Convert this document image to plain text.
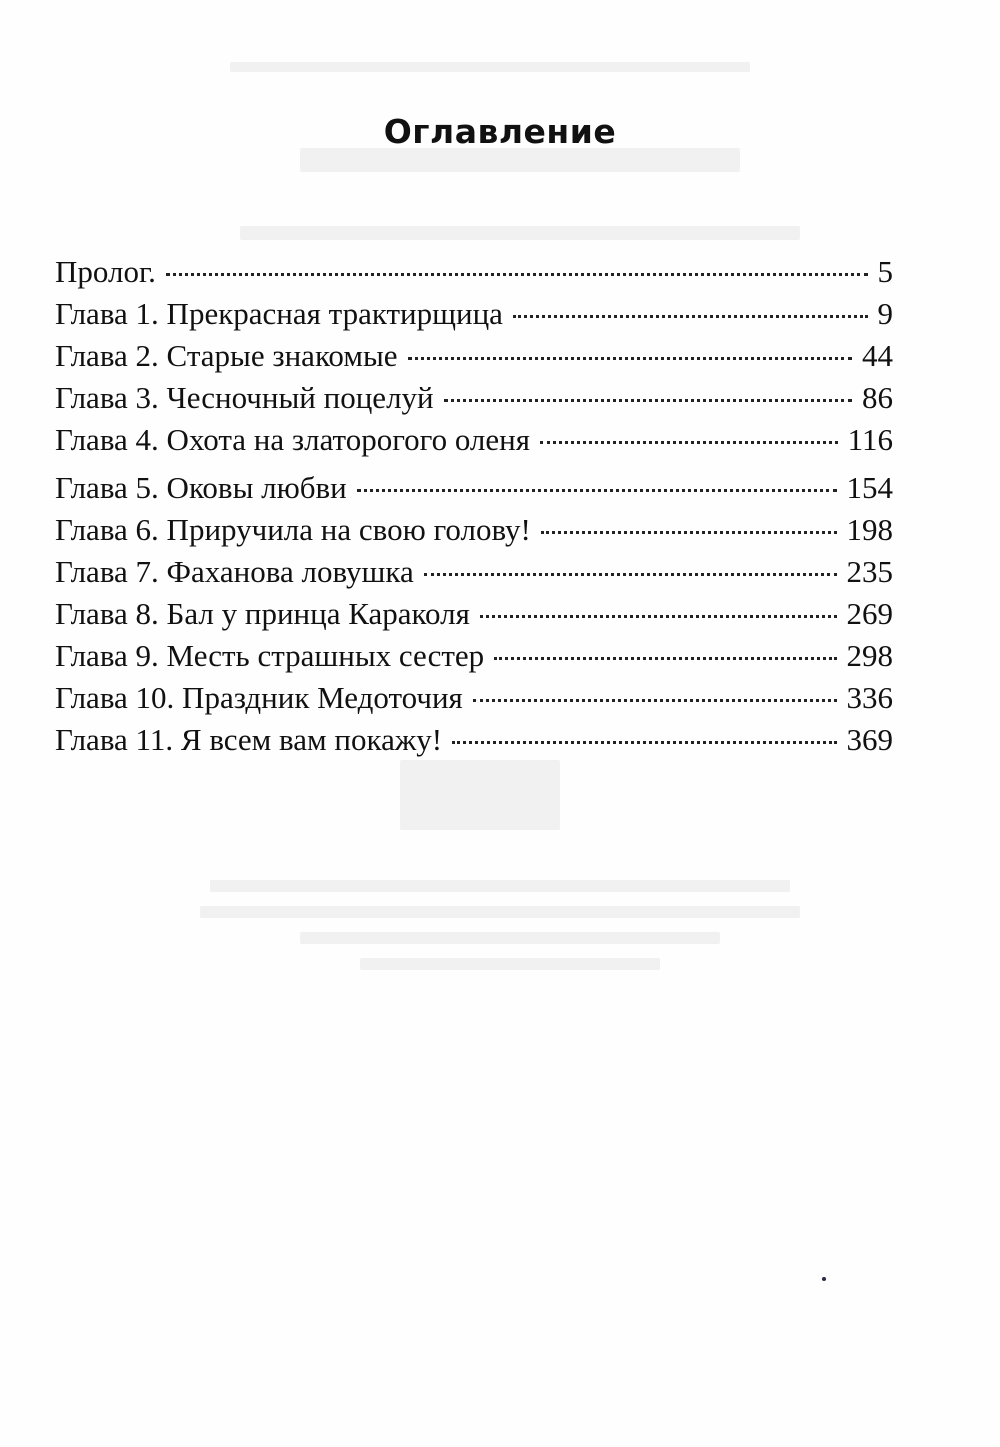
Оглавление
Пролог.	5
Глава 1. Прекрасная трактирщица	9
Глава 2. Старые знакомые	44
Глава 3. Чесночный поцелуй	86
Глава 4. Охота на златорогого оленя	116
Глава 5. Оковы любви	154
Глава 6. Приручила на свою голову!	198
Глава 7. Фаханова ловушка	235
Глава 8. Бал у принца Караколя	269
Глава 9. Месть страшных сестер	298
Глава 10. Праздник Медоточия	336
Глава 11. Я всем вам покажу!	369
